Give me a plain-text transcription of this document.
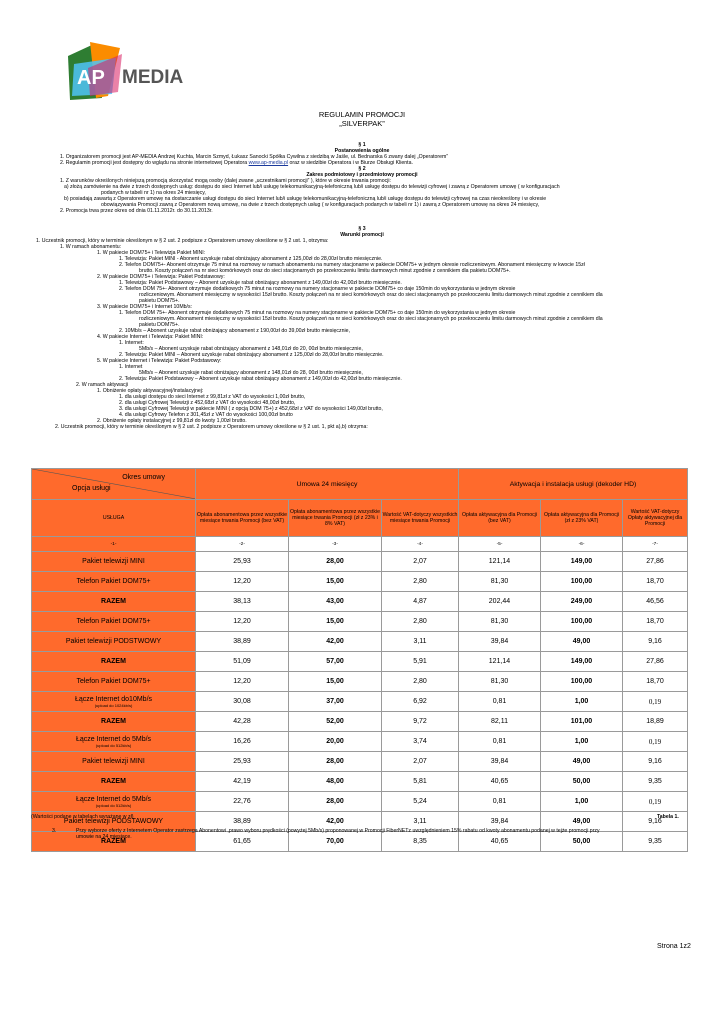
AP MEDIA
REGULAMIN PROMOCJI
„SILVERPAK”
§ 1
Postanowienia ogólne
1. Organizatorem promocji jest AP-MEDIA Andrzej Kuchta, Marcin Szmyd, Łukasz Sanocki Spółka Cywilna z siedzibą w Jaśle, ul. Bednarska 6 zwany dalej „Operatorem”
2. Regulamin promocji jest dostępny do wglądu na stronie internetowej Operatora www.ap-media.pl oraz w siedzibie Operatora i w Biurze Obsługi Klienta.
§ 2
Zakres podmiotowy i przedmiotowy promocji
1. Z warunków określonych niniejszą promocją skorzystać mogą osoby (dalej zwane „uczestnikami promocji” ), które w okresie trwania promocji:
a) złożą zamówienie na dwie z trzech dostępnych usług: dostępu do sieci Internet lub/i usługę telekomunikacyjną-telefoniczną lub/i usługę dostępu do telewizji cyfrowej i zawrą z Operatorem umowę ( w konfiguracjach
podanych w tabeli nr 1) na okres 24 miesięcy,
b) posiadają zawartą z Operatorem umowę na dostarczanie usługi dostępu do sieci Internet lub/i usługę telekomunikacyjną-telefoniczną lub/i usługę dostępu do telewizji cyfrowej na czas nieokreślony i w okresie
obowiązywania Promocji zawrą z Operatorem nową umowę, na dwie z trzech dostępnych usług ( w konfiguracjach podanych w tabeli nr 1) i zawrą z Operatorem umowę na okres 24 miesięcy,
2. Promocja trwa przez okres od dnia 01.11.2012r. do 30.11.2013r.
§ 3
Warunki promocji
1. Uczestnik promocji, który w terminie określonym w § 2 ust. 2 podpisze z Operatorem umowy określone w § 2 ust. 1, otrzyma:
1. W ramach abonamentu:
1. W pakiecie DOM75+ i Telewizja Pakiet MINI:
1. Telewizja: Pakiet MINI - Abonent uzyskuje rabat obniżający abonament z 125,00zł do 28,00zł brutto miesięcznie.
2. Telefon DOM75+- Abonent otrzymuje 75 minut na rozmowy w ramach abonamentu na numery stacjonarne w pakiecie DOM75+ w jednym okresie rozliczeniowym. Abonament miesięczny w kwocie 15zł
brutto. Koszty połączeń na nr sieci komórkowych oraz do sieci stacjonarnych po przekroczeniu limitu darmowych minut zgodnie z cennikiem dla pakietu DOM75+.
2. W pakiecie DOM75+ i Telewizja: Pakiet Podstawowy:
1. Telewizja: Pakiet Podstawowy – Abonent uzyskuje rabat obniżający abonament z 149,00zł do 42,00zł brutto miesięcznie.
2. Telefon DOM 75+- Abonent otrzymuje dodatkowych 75 minut na rozmowy na numery stacjonarne w pakiecie DOM75+ co daje 150min do wykorzystania w jednym okresie
rozliczeniowym. Abonament miesięczny w wysokości 15zł brutto. Koszty połączeń na nr sieci komórkowych oraz do sieci stacjonarnych po przekroczeniu limitu darmowych minut zgodnie z cennikiem dla
pakietu DOM75+.
3. W pakiecie DOM75+ i Internet 10Mb/s:
1. Telefon DOM 75+- Abonent otrzymuje dodatkowych 75 minut na rozmowy na numery stacjonarne w pakiecie DOM75+ co daje 150min do wykorzystania w jednym okresie
rozliczeniowym. Abonament miesięczny w wysokości 15zł brutto. Koszty połączeń na nr sieci komórkowych oraz do sieci stacjonarnych po przekroczeniu limitu darmowych minut zgodnie z cennikiem dla
pakietu DOM75+.
2. 10Mb/s – Abonent uzyskuje rabat obniżający abonament z 190,00zł do 39,00zł brutto miesięcznie,
4. W pakiecie Internet i Telewizja: Pakiet MINI:
1. Internet:
5Mb/s – Abonent uzyskuje rabat obniżający abonament z 148,01zł do 20, 00zł brutto miesięcznie,
2. Telewizja: Pakiet MINI – Abonent uzyskuje rabat obniżający abonament z 125,00zł do 28,00zł brutto miesięcznie.
5. W pakiecie Internet i Telewizja: Pakiet Podstawowy:
1. Internet
5Mb/s – Abonent uzyskuje rabat obniżający abonament z 148,01zł do 28, 00zł brutto miesięcznie,
2. Telewizja: Pakiet Podstawowy – Abonent uzyskuje rabat obniżający abonament z 149,00zł do 42,00zł brutto miesięcznie.
2. W ramach aktywacji
1. Obniżenie opłaty aktywacyjnej/instalacyjnej:
1. dla usługi dostępu do sieci Internet z 99,81zł z VAT do wysokości 1,00zł brutto,
2. dla usługi Cyfrowej Telewizji z 452,68zł z VAT do wysokości 48,00zł brutto,
3. dla usługi Cyfrowej Telewizji w pakiecie MINI ( z opcją DOM 75+) z 452,68zł z VAT do wysokości 149,00zł brutto,
4. dla usługi Cyfrowy Telefon z 301,45zł z VAT do wysokości 100,00zł brutto
2. Obniżenie opłaty instalacyjnej z 99,81zł do kwoty 1,00zł brutto.
2. Uczestnik promocji, który w terminie określonym w § 2 ust. 2 podpisze z Operatorem umowy określone w § 2 ust. 1, pkt a),b) otrzyma:
Okres umowy
Opcja usługi	Umowa 24 miesięcy			Aktywacja i instalacja usługi (dekoder HD)		
USŁUGA	Opłata abonamentowa przez wszystkie miesiące trwania Promocji (bez VAT)	Opłata abonamentowa przez wszystkie miesiące trwania Promocji (zł z 23% i 8% VAT)	Wartość VAT-dotyczy wszystkich miesiące trwania Promocji	Opłata aktywacyjna dla Promocji (bez VAT)	Opłata aktywacyjna dla Promocji (zł z 23% VAT)	Wartość VAT-dotyczy Opłaty aktywacyjnej dla Promocji
-1-	-2-	-3-	-4-	-5-	-6-	-7-
Pakiet telewizji MINI	25,93	28,00	2,07	121,14	149,00	27,86
Telefon Pakiet DOM75+	12,20	15,00	2,80	81,30	100,00	18,70
RAZEM	38,13	43,00	4,87	202,44	249,00	46,56
Telefon Pakiet DOM75+	12,20	15,00	2,80	81,30	100,00	18,70
Pakiet telewizji PODSTWOWY	38,89	42,00	3,11	39,84	49,00	9,16
RAZEM	51,09	57,00	5,91	121,14	149,00	27,86
Telefon Pakiet DOM75+	12,20	15,00	2,80	81,30	100,00	18,70
Łącze Internet do10Mb/s
(upload do 1024kb/s)	30,08	37,00	6,92	0,81	1,00	0,19
RAZEM	42,28	52,00	9,72	82,11	101,00	18,89
Łącze Internet do 5Mb/s
(upload do 512kb/s)	16,26	20,00	3,74	0,81	1,00	0,19
Pakiet telewizji MINI	25,93	28,00	2,07	39,84	49,00	9,16
RAZEM	42,19	48,00	5,81	40,65	50,00	9,35
Łącze Internet do 5Mb/s
(upload do 512kb/s)	22,76	28,00	5,24	0,81	1,00	0,19
Pakiet telewizji PODSTAWOWY	38,89	42,00	3,11	39,84	49,00	9,16
RAZEM	61,65	70,00	8,35	40,65	50,00	9,35
(Wartości podane w tabelach wyrażane w zł)	Tabela 1.
3.	Przy wyborze oferty z Internetem Operator zastrzega Abonentowi ,prawo wyboru prędkości (powyżej 5Mb/s) proponowanej w Promocji FiberNETz uwzględnieniem 15% rabatu od kwoty abonamentu podanej w tejże promocji przy
umowie na 24 miesiące.
Strona 1z2
